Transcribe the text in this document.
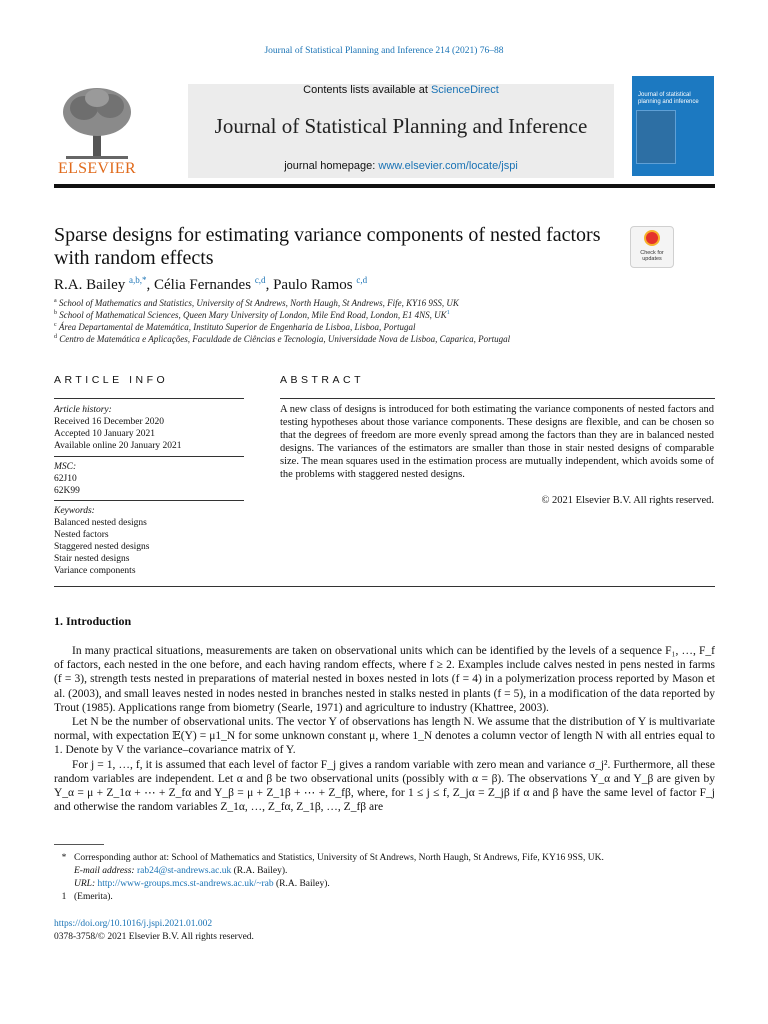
Journal of Statistical Planning and Inference 214 (2021) 76–88
ELSEVIER
Contents lists available at ScienceDirect
Journal of Statistical Planning and Inference
journal homepage: www.elsevier.com/locate/jspi
Journal of statistical planning and inference
Sparse designs for estimating variance components of nested factors with random effects	Check for updates
R.A. Bailey $^{a,b,*}$, Célia Fernandes $^{c,d}$, Paulo Ramos $^{c,d}$
$^a$ School of Mathematics and Statistics, University of St Andrews, North Haugh, St Andrews, Fife, KY16 9SS, UK
$^b$ School of Mathematical Sciences, Queen Mary University of London, Mile End Road, London, E1 4NS, $UK^1$
$^c$ Área Departamental de Matemática, Instituto Superior de Engenharia de Lisboa, Lisboa, Portugal
$^d$ Centro de Matemática e Aplicações, Faculdade de Ciências e Tecnologia, Universidade Nova de Lisboa, Caparica, Portugal
ARTICLE INFO
Article history:
Received 16 December 2020
Accepted 10 January 2021
Available online 20 January 2021
MSC:
62J10
62K99
Keywords:
Balanced nested designs
Nested factors
Staggered nested designs
Stair nested designs
Variance components
ABSTRACT
A new class of designs is introduced for both estimating the variance components of nested factors and testing hypotheses about those variance components. These designs are flexible, and can be chosen so that the degrees of freedom are more evenly spread among the factors than they are in balanced nested designs. The variances of the estimators are smaller than those in stair nested designs of comparable size. The mean squares used in the estimation process are mutually independent, which avoids some of the problems with staggered nested designs.
© 2021 Elsevier B.V. All rights reserved.
1. Introduction

In many practical situations, measurements are taken on observational units which can be identified by the levels of a sequence F₁, …, F_f of factors, each nested in the one before, and each having random effects, where f ≥ 2. Examples include calves nested in pens nested in farms (f = 3), strength tests nested in preparations of material nested in boxes nested in lots (f = 4) in a polymerization process reported by Mason et al. (2003), and small leaves nested in nodes nested in branches nested in stalks nested in plants (f = 5), in a modification of the data reported by Trout (1985). Applications range from biometry (Searle, 1971) and agriculture to industry (Khattree, 2003).

Let N be the number of observational units. The vector Y of observations has length N. We assume that the distribution of Y is multivariate normal, with expectation 𝔼(Y) = μ1_N for some unknown constant μ, where 1_N denotes a column vector of length N with all entries equal to 1. Denote by V the variance–covariance matrix of Y.

For j = 1, …, f, it is assumed that each level of factor F_j gives a random variable with zero mean and variance σ_j². Furthermore, all these random variables are independent. Let α and β be two observational units (possibly with α = β). The observations Y_α and Y_β are given by Y_α = μ + Z_1α + ⋯ + Z_fα and Y_β = μ + Z_1β + ⋯ + Z_fβ, where, for 1 ≤ j ≤ f, Z_jα = Z_jβ if α and β have the same level of factor F_j and otherwise the random variables Z_1α, …, Z_fα, Z_1β, …, Z_fβ are

* Corresponding author at: School of Mathematics and Statistics, University of St Andrews, North Haugh, St Andrews, Fife, KY16 9SS, UK.
E-mail address: rab24@st-andrews.ac.uk (R.A. Bailey).
URL: http://www-groups.mcs.st-andrews.ac.uk/~rab (R.A. Bailey).
1 (Emerita).
https://doi.org/10.1016/j.jspi.2021.01.002
0378-3758/© 2021 Elsevier B.V. All rights reserved.
